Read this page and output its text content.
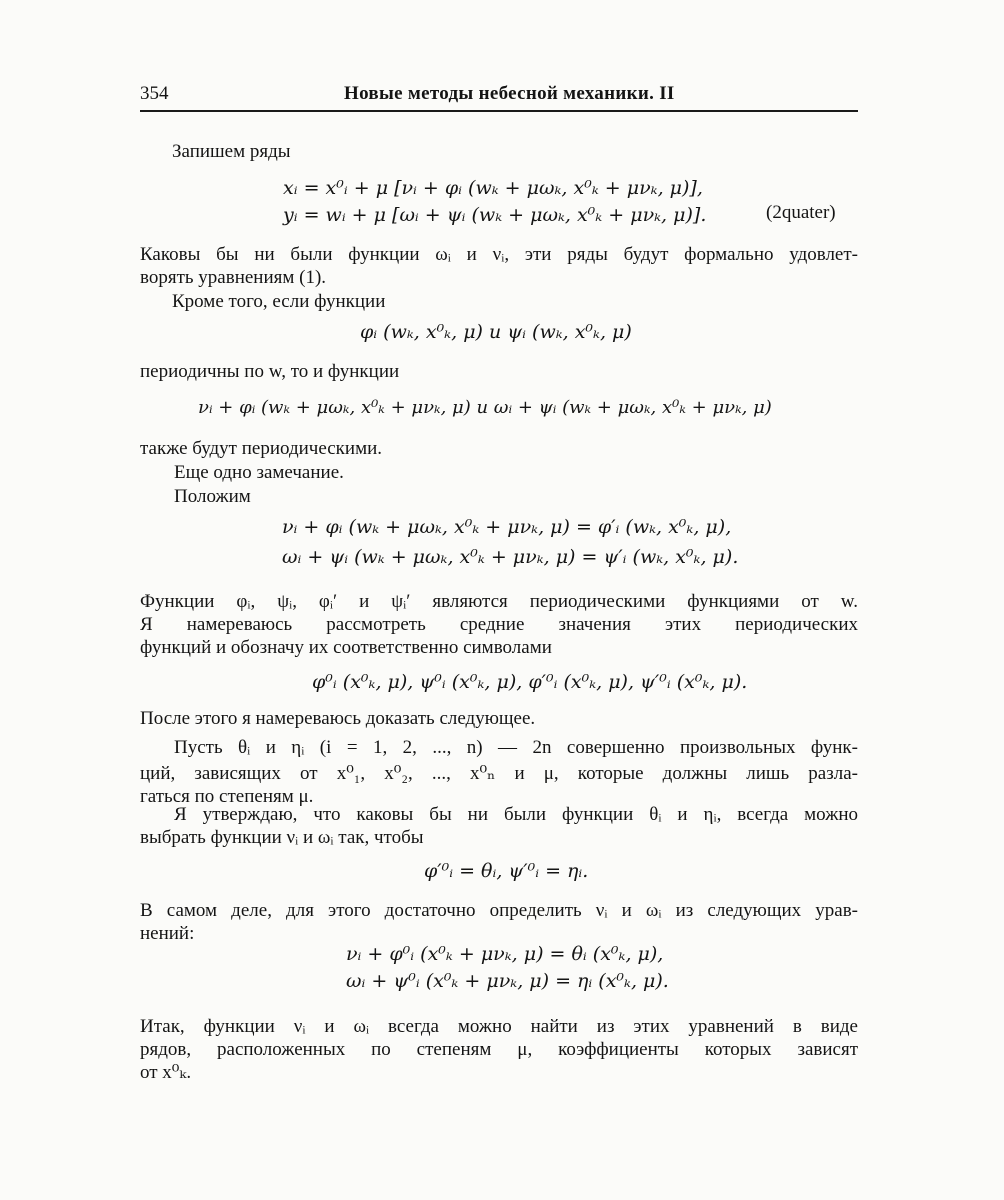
354	Новые методы небесной механики. II
Запишем ряды
xᵢ = x⁰ᵢ + μ [νᵢ + φᵢ (wₖ + μωₖ, x⁰ₖ + μνₖ, μ)],
yᵢ = wᵢ + μ [ωᵢ + ψᵢ (wₖ + μωₖ, x⁰ₖ + μνₖ, μ)].	(2quater)
Каковы бы ни были функции ωᵢ и νᵢ, эти ряды будут формально удовлет-
ворять уравнениям (1).
Кроме того, если функции
φᵢ (wₖ, x⁰ₖ, μ) и ψᵢ (wₖ, x⁰ₖ, μ)
периодичны по w, то и функции
νᵢ + φᵢ (wₖ + μωₖ, x⁰ₖ + μνₖ, μ) и ωᵢ + ψᵢ (wₖ + μωₖ, x⁰ₖ + μνₖ, μ)
также будут периодическими.
Еще одно замечание.
Положим
νᵢ + φᵢ (wₖ + μωₖ, x⁰ₖ + μνₖ, μ) = φ′ᵢ (wₖ, x⁰ₖ, μ),
ωᵢ + ψᵢ (wₖ + μωₖ, x⁰ₖ + μνₖ, μ) = ψ′ᵢ (wₖ, x⁰ₖ, μ).
Функции φᵢ, ψᵢ, φᵢ′ и ψᵢ′ являются периодическими функциями от w.
Я намереваюсь рассмотреть средние значения этих периодических
функций и обозначу их соответственно символами
φ⁰ᵢ (x⁰ₖ, μ), ψ⁰ᵢ (x⁰ₖ, μ), φ′⁰ᵢ (x⁰ₖ, μ), ψ′⁰ᵢ (x⁰ₖ, μ).
После этого я намереваюсь доказать следующее.
Пусть θᵢ и ηᵢ (i = 1, 2, ..., n) — 2n совершенно произвольных функ-
ций, зависящих от x⁰₁, x⁰₂, ..., x⁰ₙ и μ, которые должны лишь разла-
гаться по степеням μ.
Я утверждаю, что каковы бы ни были функции θᵢ и ηᵢ, всегда можно
выбрать функции νᵢ и ωᵢ так, чтобы
φ′⁰ᵢ = θᵢ, ψ′⁰ᵢ = ηᵢ.
В самом деле, для этого достаточно определить νᵢ и ωᵢ из следующих урав-
нений:
νᵢ + φ⁰ᵢ (x⁰ₖ + μνₖ, μ) = θᵢ (x⁰ₖ, μ),
ωᵢ + ψ⁰ᵢ (x⁰ₖ + μνₖ, μ) = ηᵢ (x⁰ₖ, μ).
Итак, функции νᵢ и ωᵢ всегда можно найти из этих уравнений в виде
рядов, расположенных по степеням μ, коэффициенты которых зависят
от x⁰ₖ.
